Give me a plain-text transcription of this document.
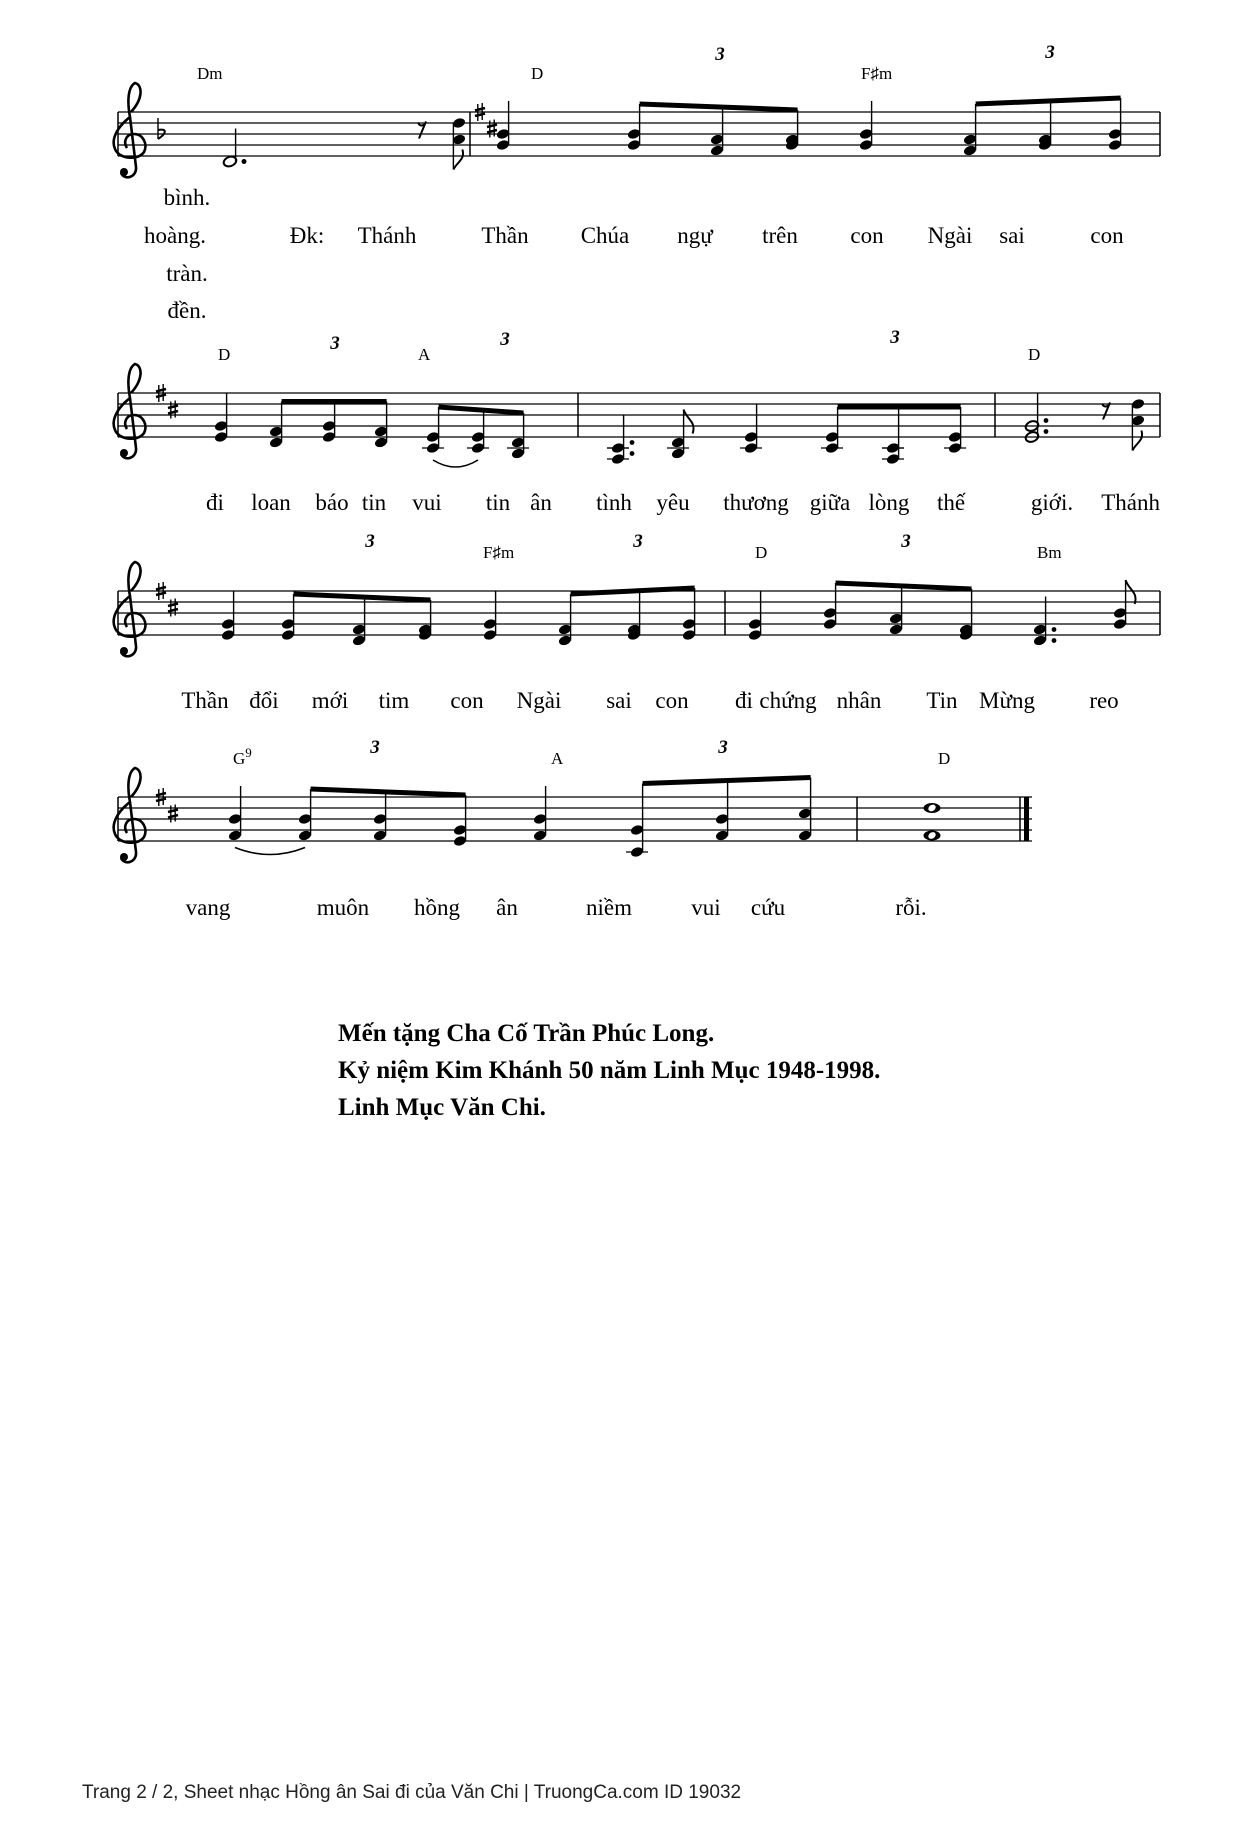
Dm	D	F♯m
3	3
bình.
hoàng.	Đk: Thánh	Thần Chúa ngự trên con Ngài sai	con
tràn.
đền.
D	A	D
3	3	3
đi loan báo tin vui tin ân tình yêu thương giữa lòng thế	giới. Thánh
F♯m	D	Bm
3	3	3
Thần đổi mới tim con Ngài sai con đi chứng nhân Tin Mừng reo
$G^9$	A	D
3	3
vang	muôn hồng ân	niềm	vui cứu	rỗi.
Mến tặng Cha Cố Trần Phúc Long.
Kỷ niệm Kim Khánh 50 năm Linh Mục 1948-1998.
Linh Mục Văn Chi.
Trang 2 / 2, Sheet nhạc Hồng ân Sai đi của Văn Chi | TruongCa.com ID 19032
